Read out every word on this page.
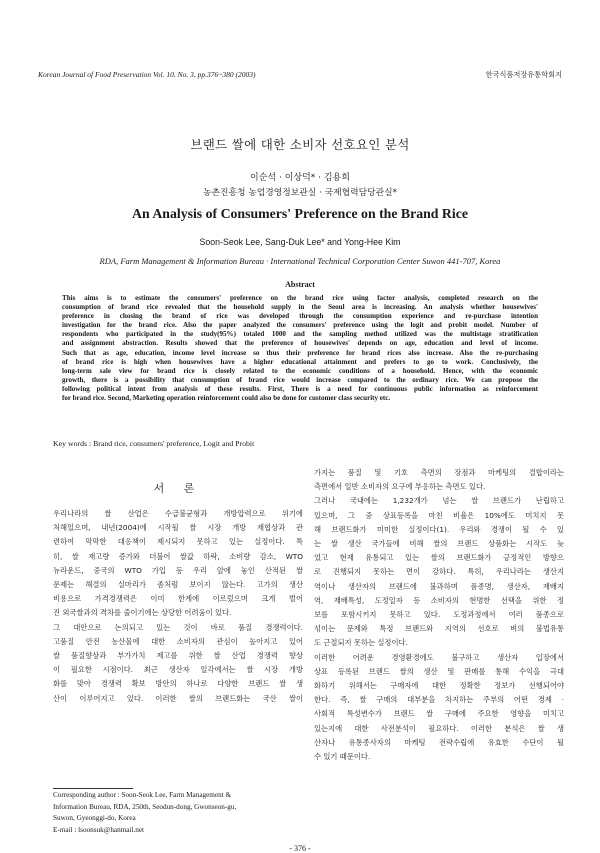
Korean Journal of Food Preservation Vol. 10. No. 3, pp.376~380 (2003)	한국식품저장유통학회지
브랜드 쌀에 대한 소비자 선호요인 분석
이순석 · 이상덕* · 김용희
농촌진흥청 농업경영정보관실 · 국제협력담당관실*
An Analysis of Consumers' Preference on the Brand Rice
Soon-Seok Lee, Sang-Duk Lee* and Yong-Hee Kim
RDA, Farm Management & Information Bureau · International Technical Corporation Center Suwon 441-707, Korea
Abstract
This aims is to estimate the consumers' preference on the brand rice using factor analysis, completed research on the
consumption of brand rice revealed that the household supply in the Seoul area is increasing. An analysis whether housewives'
preference in chosing the brand of rice was developed through the consumption experience and re-purchase intention
investigation for the brand rice. Also the paper analyzed the consumers' preference using the logit and probit model. Number of
respondents who participated in the study(95%) totaled 1000 and the sampling method utilized was the multistage stratification
and assignment abstraction. Results showed that the preference of housewives' depends on age, education and level of income.
Such that as age, education, income level increase so thus their preference for brand rices also increase. Also the re-purchasing
of brand rice is high when housewives have a higher educational attainment and prefers to go to work. Conclusively, the
long-term sale view for brand rice is closely related to the economic conditions of a household. Hence, with the economic
growth, there is a possibility that consumption of brand rice would increase compared to the ordinary rice. We can propose the
following political intent from analysis of these results. First, There is a need for continuous public information as reinforcement
for brand rice. Second, Marketing operation reinforcement could also be done for customer class security etc.
Key words : Brand rice, consumers' preference, Logit and Probit
서 론
우리나라의 쌀 산업은 수급불균형과 개방압력으로 위기에
처해있으며, 내년(2004)에 시작될 쌀 시장 개방 재협상과 관
련하여 막막한 대응책이 제시되지 못하고 있는 실정이다. 특
히, 쌀 재고량 증가와 더불어 쌀값 하락, 소비량 감소, WTO
뉴라운드, 중국의 WTO 가입 등 우리 앞에 놓인 산적된 쌀
문제는 해결의 실마리가 좀처럼 보이지 않는다. 고가의 생산
비용으로 가격경쟁력은 이미 한계에 이르렀으며 크게 벌어
진 외국쌀과의 격차를 줄이기에는 상당한 어려움이 있다.
그 대안으로 논의되고 있는 것이 바로 품질 경쟁력이다.
고품질 안전 농산물에 대한 소비자의 관심이 높아지고 있어
쌀 품질향상과 부가가치 제고를 위한 쌀 산업 경쟁력 향상
이 필요한 시점이다. 최근 생산자 일각에서는 쌀 시장 개방
화를 맞아 경쟁력 확보 방안의 하나로 다양한 브랜드 쌀 생
산이 이루어지고 있다. 이러한 쌀의 브랜드화는 국산 쌀이
가지는 품질 및 기호 측면의 장점과 마케팅의 결합이라는
측면에서 일반 소비자의 요구에 부응하는 측면도 있다.
그러나 국내에는 1,232개가 넘는 쌀 브랜드가 난립하고
있으며, 그 중 상표등록을 마친 비율은 10%에도 미치지 못
해 브랜드화가 미미한 실정이다(1). 우리와 경쟁이 될 수 있
는 쌀 생산 국가들에 비해 쌀의 브랜드 상품화는 시작도 늦
었고 현재 유통되고 있는 쌀의 브랜드화가 긍정적인 방향으
로 진행되지 못하는 면이 강하다. 특히, 우리나라는 생산지
역이나 생산자의 브랜드에 불과하며 품종명, 생산자, 재배지
역, 재배특성, 도정일자 등 소비자의 현명한 선택을 위한 정
보를 포함시키지 못하고 있다. 도정과정에서 여러 품종으로
섞이는 문제와 특정 브랜드와 지역의 선호로 벼의 불법유통
도 근절되지 못하는 실정이다.
이러한 어려운 경영환경에도 불구하고 생산자 입장에서
상표 등록된 브랜드 쌀의 생산 및 판매를 통해 수익을 극대
화하기 위해서는 구매자에 대한 정확한 정보가 선행되어야
한다. 즉, 쌀 구매의 대부분을 차지하는 주부의 어떤 경제 ·
사회적 특성변수가 브랜드 쌀 구매에 주요한 영향을 미치고
있는지에 대한 사전분석이 필요하다. 이러한 분석은 쌀 생
산자나 유통종사자의 마케팅 전략수립에 유효한 수단이 될
수 있기 때문이다.
Corresponding author : Soon-Seok Lee, Farm Management &
Information Bureau, RDA, 250th, Seodun-dong, Gwonseon-gu,
Suwon, Gyeonggi-do, Korea
E-mail : lsoonsuk@hanmail.net
- 376 -
